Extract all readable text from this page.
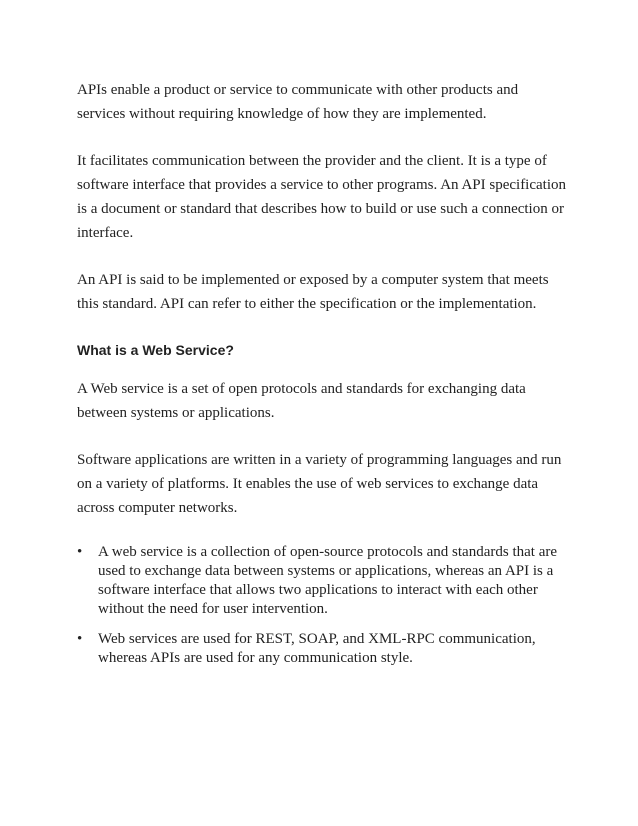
APIs enable a product or service to communicate with other products and services without requiring knowledge of how they are implemented.

It facilitates communication between the provider and the client. It is a type of software interface that provides a service to other programs. An API specification is a document or standard that describes how to build or use such a connection or interface.

An API is said to be implemented or exposed by a computer system that meets this standard. API can refer to either the specification or the implementation.

What is a Web Service?

A Web service is a set of open protocols and standards for exchanging data between systems or applications.

Software applications are written in a variety of programming languages and run on a variety of platforms. It enables the use of web services to exchange data across computer networks.

• A web service is a collection of open-source protocols and standards that are used to exchange data between systems or applications, whereas an API is a software interface that allows two applications to interact with each other without the need for user intervention.
• Web services are used for REST, SOAP, and XML-RPC communication, whereas APIs are used for any communication style.
